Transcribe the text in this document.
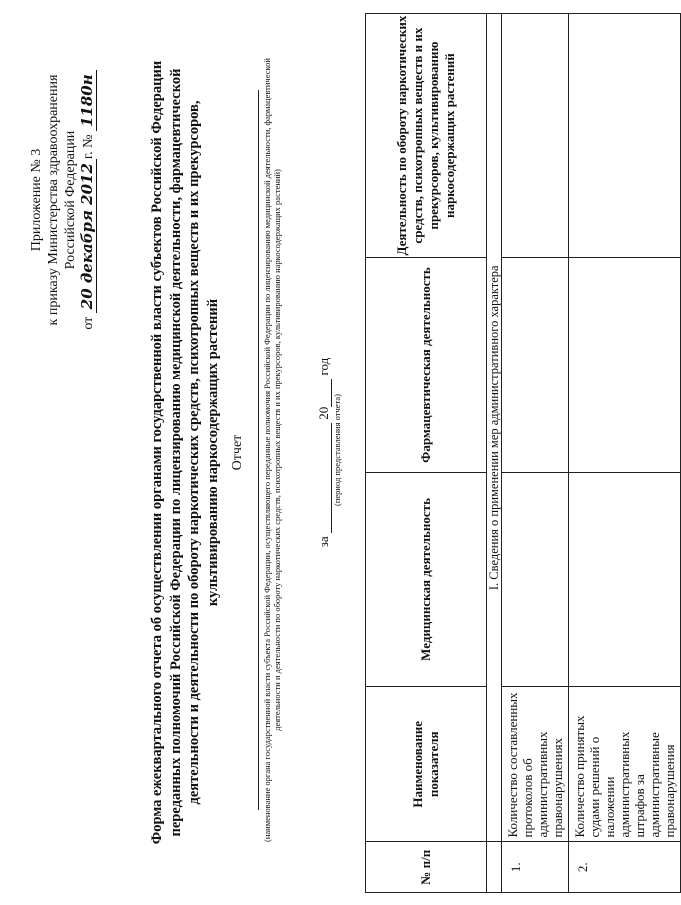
Приложение № 3 к приказу Министерства здравоохранения Российской Федерации
от 20 декабря 2012г. № 1180н	Форма ежеквартального отчета об осуществлении органами государственной власти субъектов Российской Федерации переданных полномочий Российской Федерации по лицензированию медицинской деятельности, фармацевтической деятельности и деятельности по обороту наркотических средств, психотропных веществ и их прекурсоров, культивированию наркосодержащих растений Отчет (наименование органа государственной власти субъекта Российской Федерации, осуществляющего переданные полномочия Российской Федерации по лицензированию медицинской деятельности, фармацевтической деятельности и деятельности по обороту наркотических средств, психотропных веществ и их прекурсоров, культивированию наркосодержащих растений)	за   20  год
(период представления отчета)
№ п/п	Наименование показателя	Медицинская деятельность	Фармацевтическая деятельность	Деятельность по обороту наркотических средств, психотропных веществ и их прекурсоров, культивированию наркосодержащих растений
	I. Сведения о применении мер административного характера			
1.	Количество составленных протоколов об административных правонарушениях			
2.	Количество принятых судами решений о наложении административных штрафов за административные правонарушения			
